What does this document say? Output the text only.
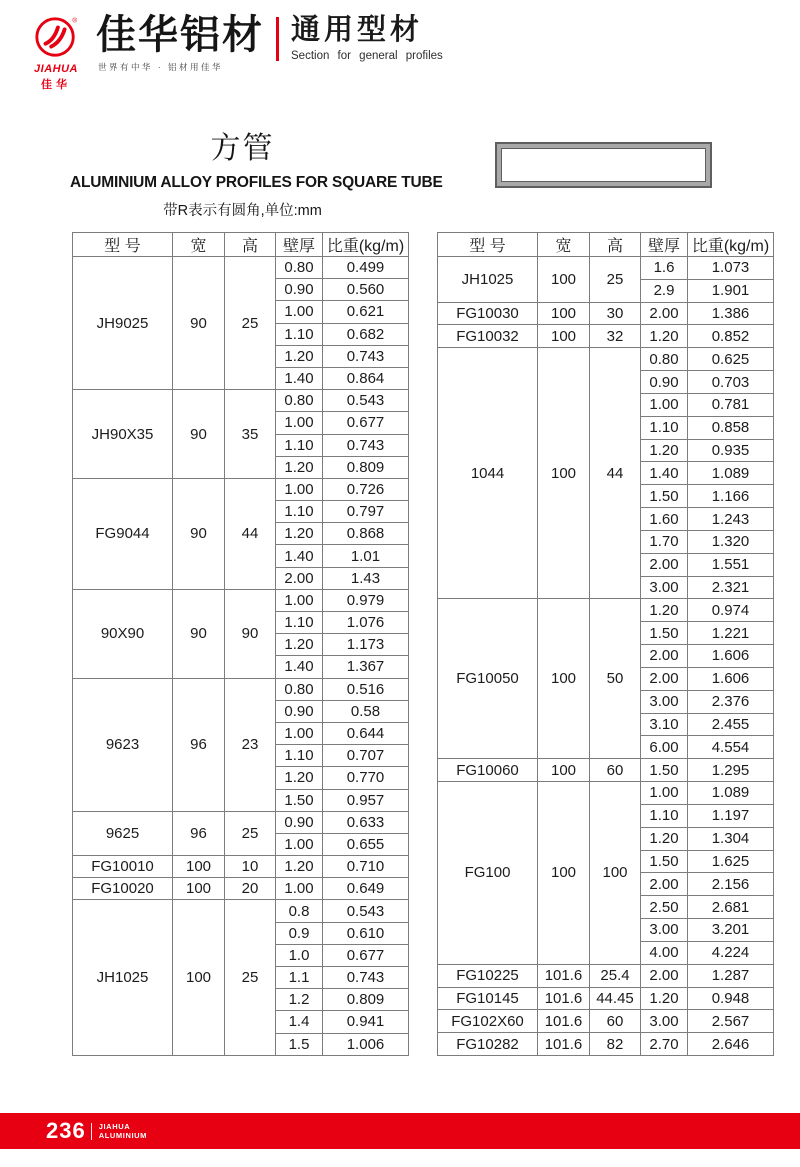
®
JIAHUA
佳华
佳华铝材
世界有中华 · 铝材用佳华
通用型材
Section for general profiles
方管
ALUMINIUM ALLOY PROFILES FOR SQUARE TUBE
带R表示有圆角,单位:mm
型 号	宽	高	壁厚	比重(kg/m)
JH9025	90	25	0.80	0.499
			0.90	0.560
			1.00	0.621
			1.10	0.682
			1.20	0.743
			1.40	0.864
JH90X35	90	35	0.80	0.543
			1.00	0.677
			1.10	0.743
			1.20	0.809
FG9044	90	44	1.00	0.726
			1.10	0.797
			1.20	0.868
			1.40	1.01
			2.00	1.43
90X90	90	90	1.00	0.979
			1.10	1.076
			1.20	1.173
			1.40	1.367
9623	96	23	0.80	0.516
			0.90	0.58
			1.00	0.644
			1.10	0.707
			1.20	0.770
			1.50	0.957
9625	96	25	0.90	0.633
			1.00	0.655
FG10010	100	10	1.20	0.710
FG10020	100	20	1.00	0.649
JH1025	100	25	0.8	0.543
			0.9	0.610
			1.0	0.677
			1.1	0.743
			1.2	0.809
			1.4	0.941
			1.5	1.006
型 号	宽	高	壁厚	比重(kg/m)
JH1025	100	25	1.6	1.073
			2.9	1.901
FG10030	100	30	2.00	1.386
FG10032	100	32	1.20	0.852
1044	100	44	0.80	0.625
			0.90	0.703
			1.00	0.781
			1.10	0.858
			1.20	0.935
			1.40	1.089
			1.50	1.166
			1.60	1.243
			1.70	1.320
			2.00	1.551
			3.00	2.321
FG10050	100	50	1.20	0.974
			1.50	1.221
			2.00	1.606
			2.00	1.606
			3.00	2.376
			3.10	2.455
			6.00	4.554
FG10060	100	60	1.50	1.295
FG100	100	100	1.00	1.089
			1.10	1.197
			1.20	1.304
			1.50	1.625
			2.00	2.156
			2.50	2.681
			3.00	3.201
			4.00	4.224
FG10225	101.6	25.4	2.00	1.287
FG10145	101.6	44.45	1.20	0.948
FG102X60	101.6	60	3.00	2.567
FG10282	101.6	82	2.70	2.646
236 JIAHUA
ALUMINIUM
